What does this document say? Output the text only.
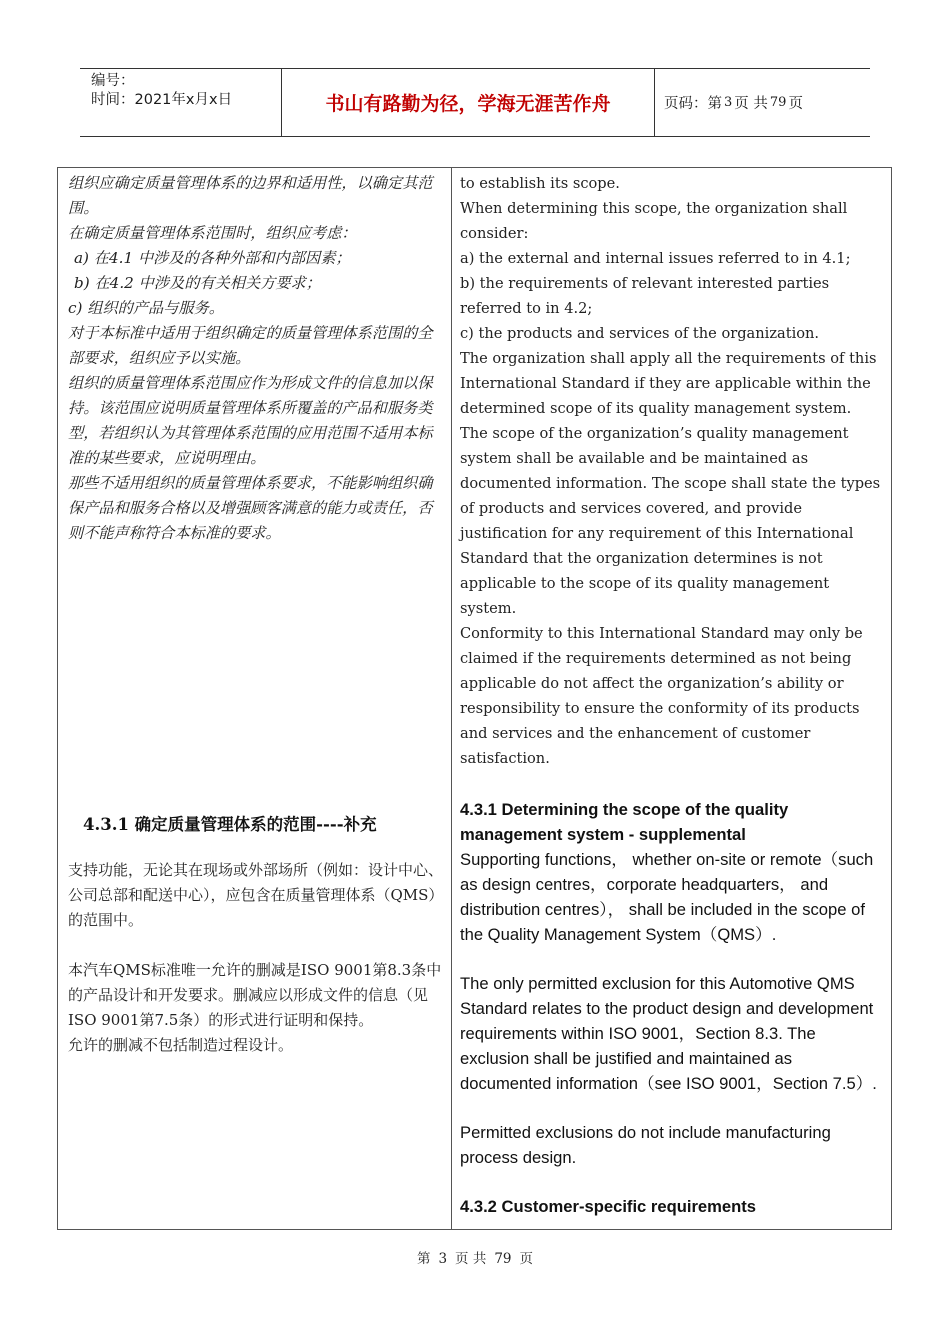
编号：
时间：2021年x月x日	书山有路勤为径，学海无涯苦作舟	页码：第 3 页 共 79 页

组织应确定质量管理体系的边界和适用性，以确定其范围。

在确定质量管理体系范围时，组织应考虑：

a) 在4.1 中涉及的各种外部和内部因素；

b) 在4.2 中涉及的有关相关方要求；

c) 组织的产品与服务。

对于本标准中适用于组织确定的质量管理体系范围的全部要求，组织应予以实施。

组织的质量管理体系范围应作为形成文件的信息加以保持。该范围应说明质量管理体系所覆盖的产品和服务类型，若组织认为其管理体系范围的应用范围不适用本标准的某些要求，应说明理由。

那些不适用组织的质量管理体系要求，不能影响组织确保产品和服务合格以及增强顾客满意的能力或责任，否则不能声称符合本标准的要求。

4.3.1 确定质量管理体系的范围----补充

支持功能，无论其在现场或外部场所（例如：设计中心、公司总部和配送中心），应包含在质量管理体系（QMS）的范围中。

本汽车QMS标准唯一允许的删减是ISO 9001第8.3条中的产品设计和开发要求。删减应以形成文件的信息（见ISO 9001第7.5条）的形式进行证明和保持。

允许的删减不包括制造过程设计。

to establish its scope.

When determining this scope, the organization shall consider:

a) the external and internal issues referred to in 4.1;

b) the requirements of relevant interested parties referred to in 4.2;

c) the products and services of the organization.

The organization shall apply all the requirements of this International Standard if they are applicable within the determined scope of its quality management system.

The scope of the organization’s quality management system shall be available and be maintained as documented information. The scope shall state the types of products and services covered, and provide justification for any requirement of this International Standard that the organization determines is not applicable to the scope of its quality management system.

Conformity to this International Standard may only be claimed if the requirements determined as not being applicable do not affect the organization’s ability or responsibility to ensure the conformity of its products and services and the enhancement of customer satisfaction.

4.3.1 Determining the scope of the quality management system - supplemental

Supporting functions， whether on-site or remote（such as design centres，corporate headquarters， and distribution centres）， shall be included in the scope of the Quality Management System（QMS）.

The only permitted exclusion for this Automotive QMS Standard relates to the product design and development requirements within ISO 9001，Section 8.3. The exclusion shall be justified and maintained as documented information（see ISO 9001，Section 7.5）.

Permitted exclusions do not include manufacturing process design.

4.3.2 Customer-specific requirements

第 3 页 共 79 页
